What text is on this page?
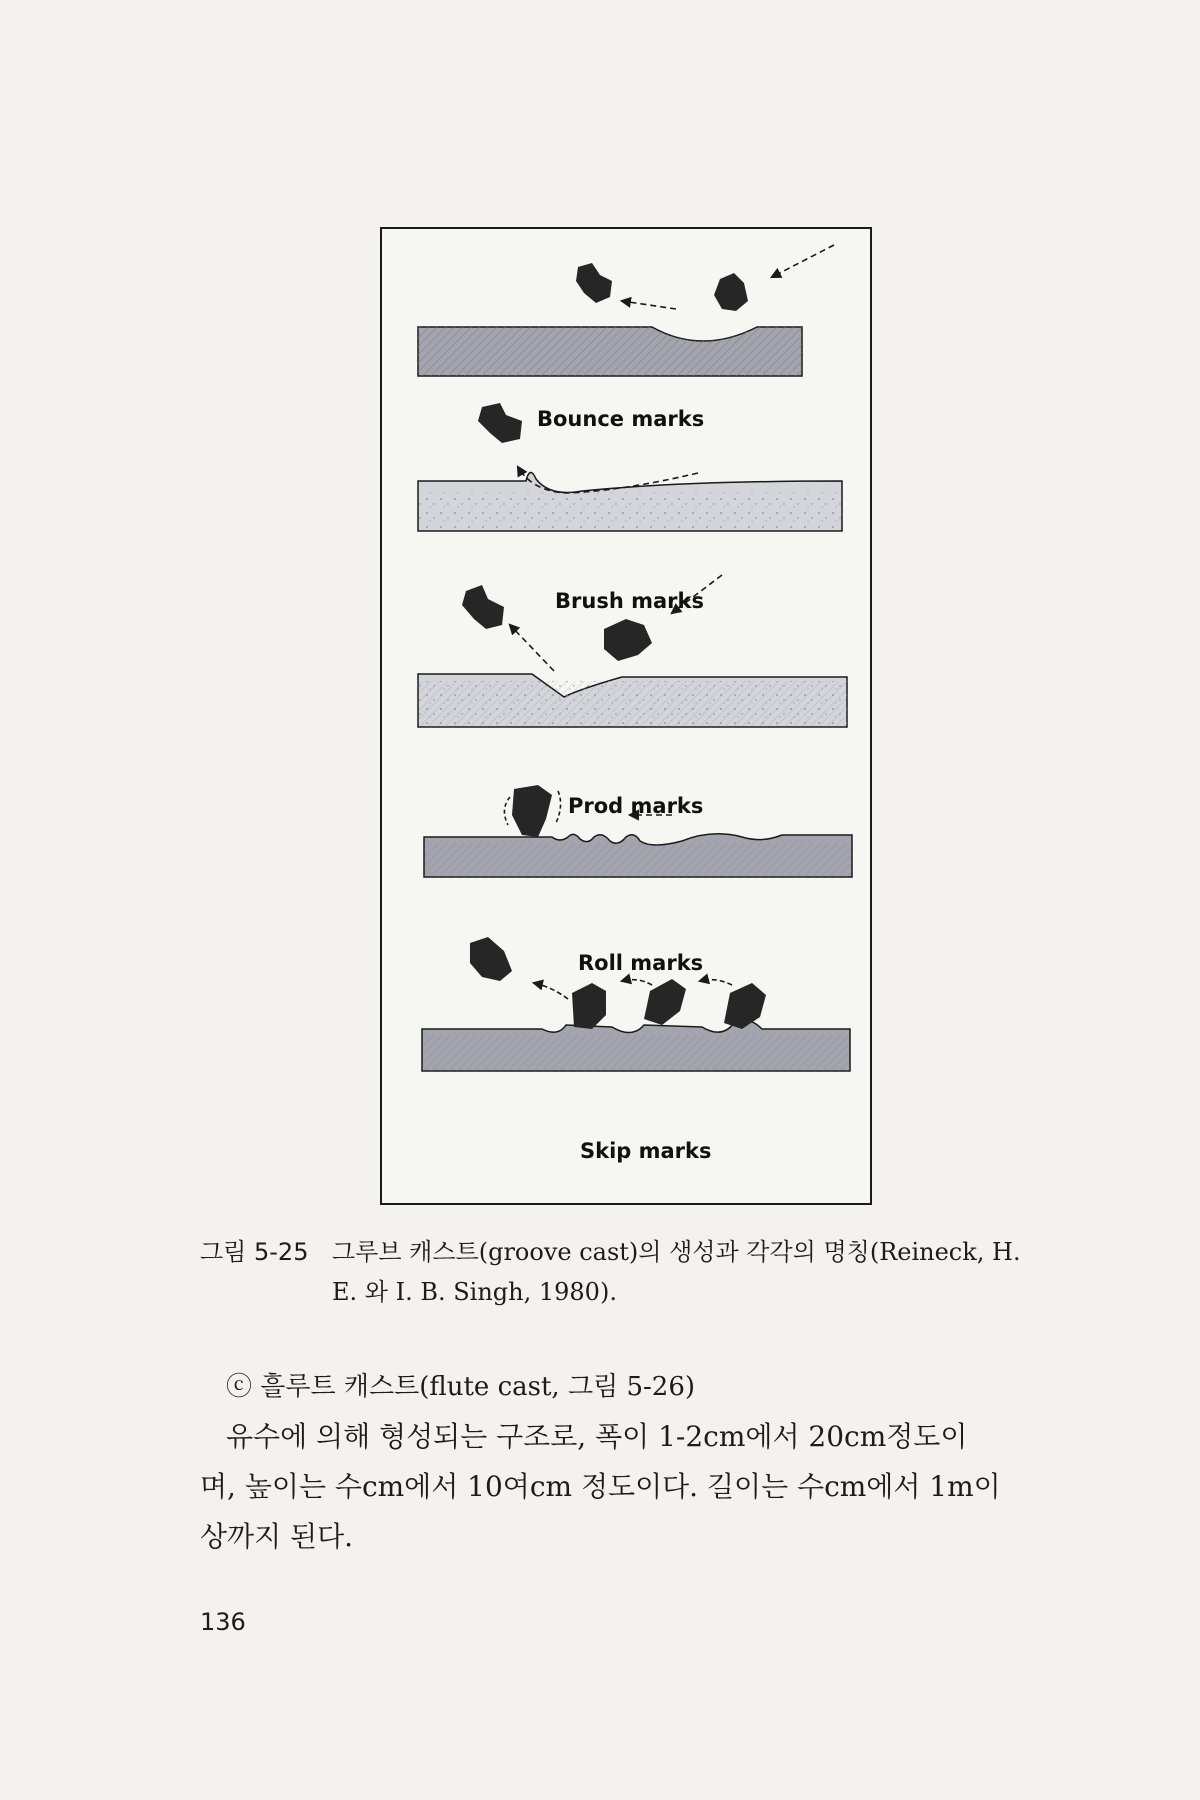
Bounce marks
Brush marks
Prod marks
Roll marks
Skip marks
그림 5-25 그루브 캐스트(groove cast)의 생성과 각각의 명칭(Reineck, H.
E. 와 I. B. Singh, 1980).
ⓒ 흘루트 캐스트(flute cast, 그림 5-26)

유수에 의해 형성되는 구조로, 폭이 1-2cm에서 20cm정도이

며, 높이는 수cm에서 10여cm 정도이다. 길이는 수cm에서 1m이

상까지 된다.

136
